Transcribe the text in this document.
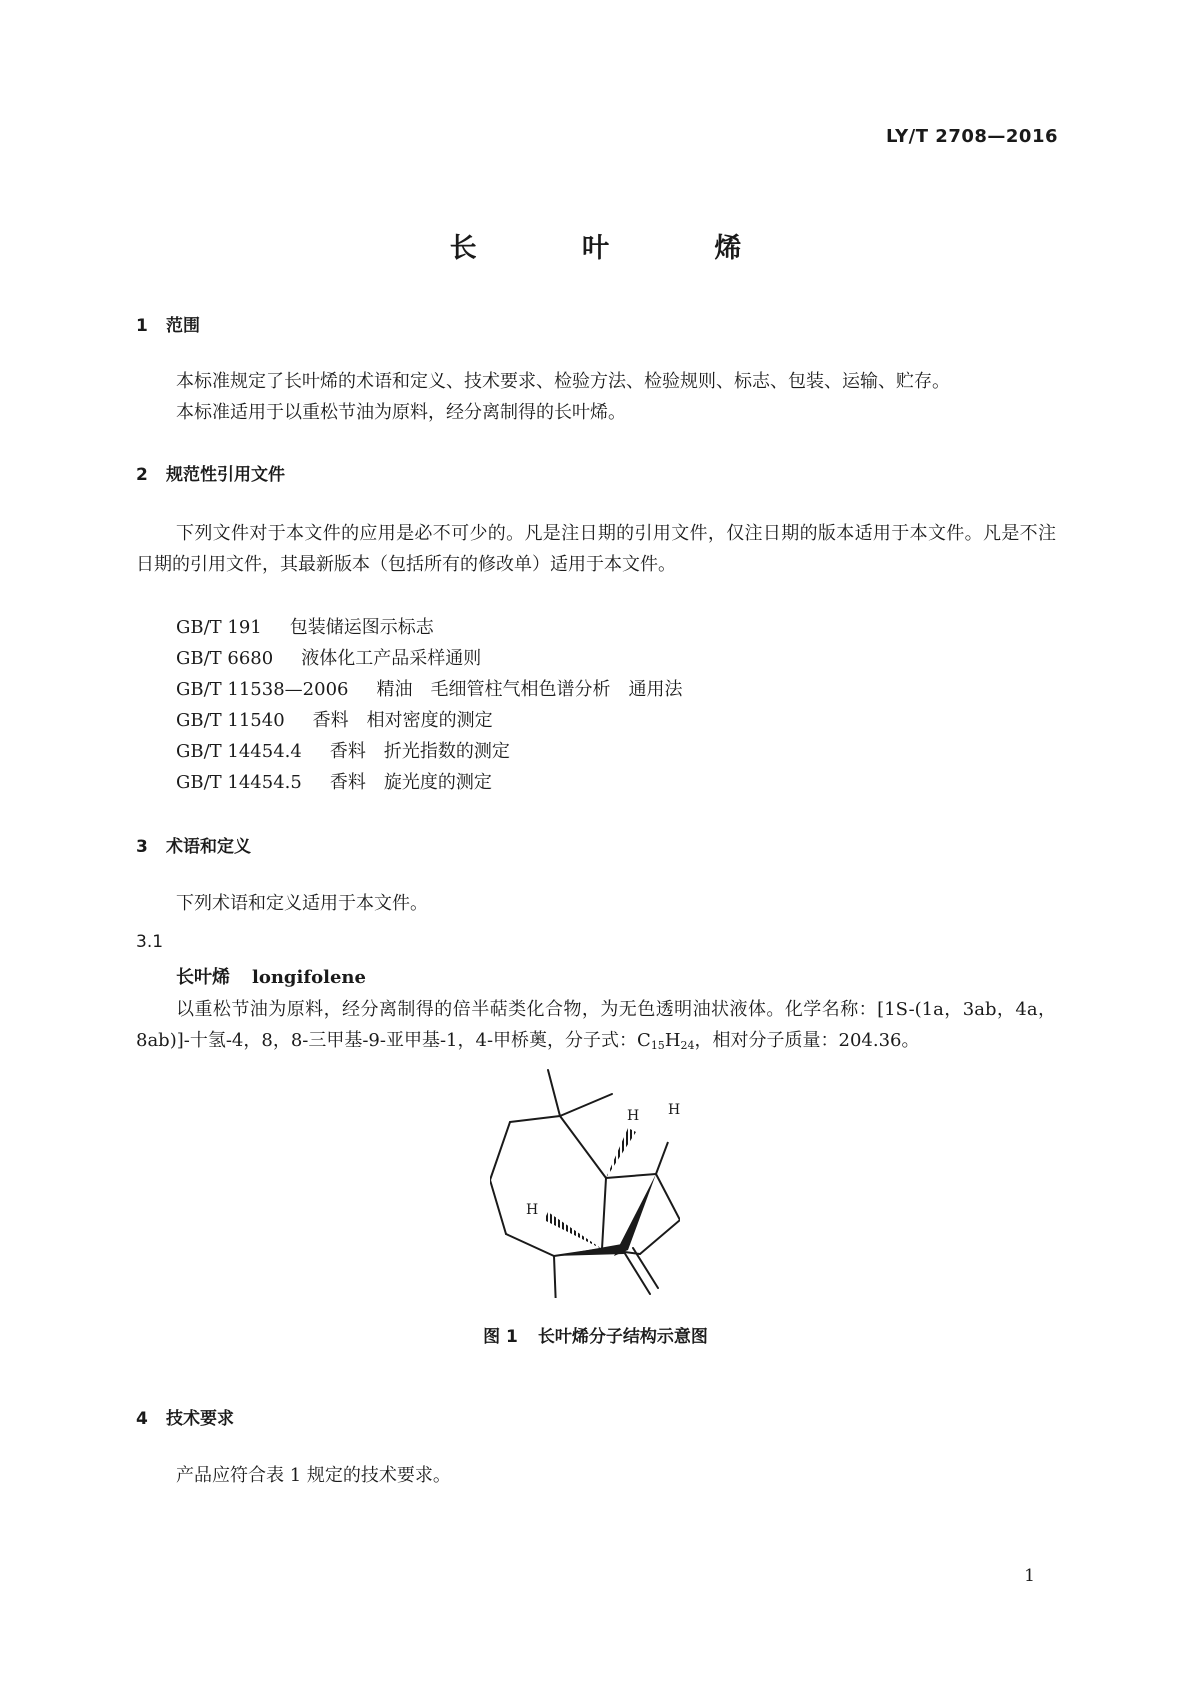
LY/T 2708—2016
长 叶 烯
1 范围
本标准规定了长叶烯的术语和定义、技术要求、检验方法、检验规则、标志、包装、运输、贮存。
本标准适用于以重松节油为原料，经分离制得的长叶烯。
2 规范性引用文件
下列文件对于本文件的应用是必不可少的。凡是注日期的引用文件，仅注日期的版本适用于本文件。凡是不注日期的引用文件，其最新版本（包括所有的修改单）适用于本文件。
GB/T 191 包装储运图示标志
GB/T 6680 液体化工产品采样通则
GB/T 11538—2006 精油　毛细管柱气相色谱分析　通用法
GB/T 11540 香料　相对密度的测定
GB/T 14454.4 香料　折光指数的测定
GB/T 14454.5 香料　旋光度的测定
3 术语和定义
下列术语和定义适用于本文件。
3.1
长叶烯 longifolene
以重松节油为原料，经分离制得的倍半萜类化合物，为无色透明油状液体。化学名称：[1S-(1a，3ab，4a，8ab)]-十氢-4，8，8-三甲基-9-亚甲基-1，4-甲桥薁，分子式：$C_{15}H_{24}$，相对分子质量：204.36。
H H
H
图 1 长叶烯分子结构示意图
4 技术要求
产品应符合表 1 规定的技术要求。
1
